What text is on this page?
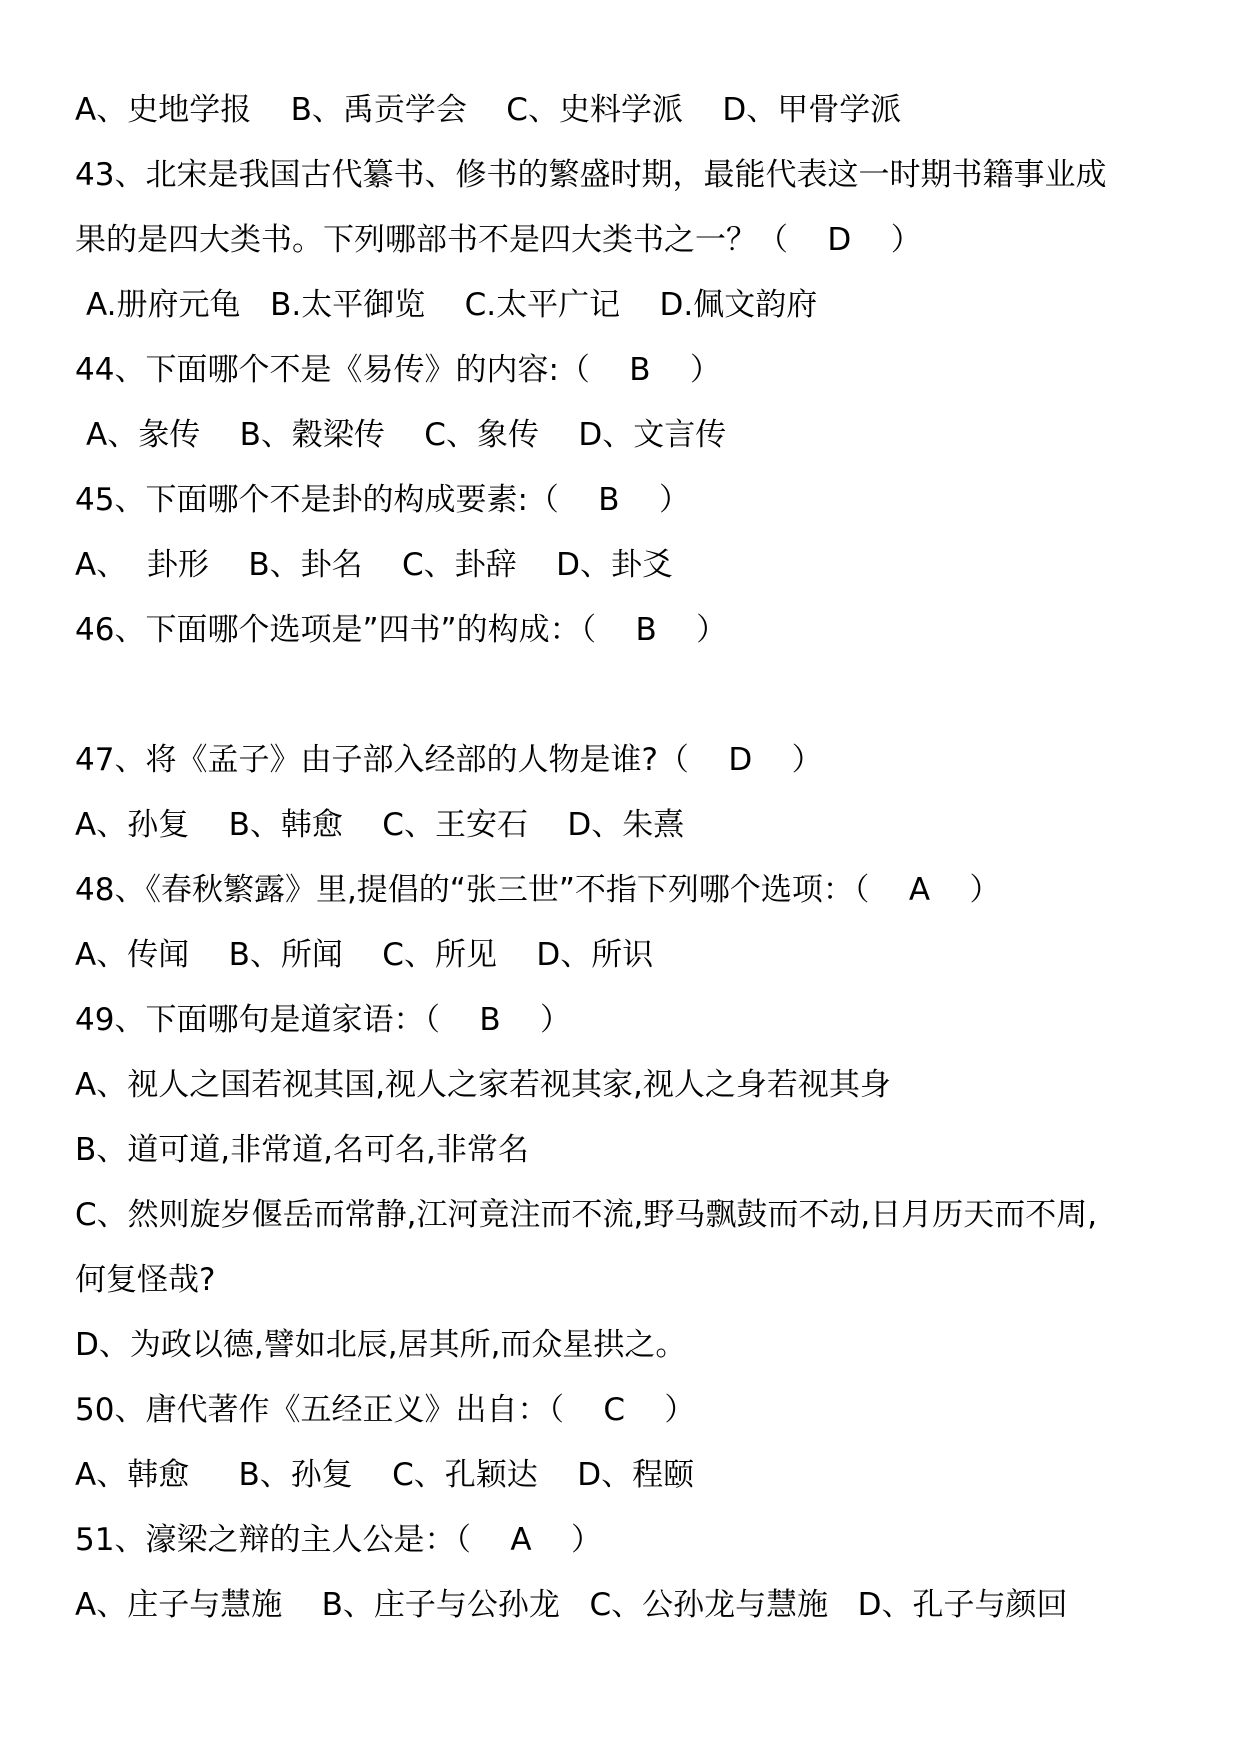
A、史地学报    B、禹贡学会    C、史料学派    D、甲骨学派
43、北宋是我国古代纂书、修书的繁盛时期，最能代表这一时期书籍事业成
果的是四大类书。下列哪部书不是四大类书之一？（    D    ）
A.册府元龟   B.太平御览    C.太平广记    D.佩文韵府
44、下面哪个不是《易传》的内容:（    B    ）
A、彖传    B、穀梁传    C、象传    D、文言传
45、下面哪个不是卦的构成要素:（    B    ）
A、  卦形    B、卦名    C、卦辞    D、卦爻
46、下面哪个选项是”四书”的构成：（    B    ）
47、将《孟子》由子部入经部的人物是谁?（    D    ）
A、孙复    B、韩愈    C、王安石    D、朱熹
48、《春秋繁露》里,提倡的“张三世”不指下列哪个选项：（    A    ）
A、传闻    B、所闻    C、所见    D、所识
49、下面哪句是道家语：（    B    ）
A、视人之国若视其国,视人之家若视其家,视人之身若视其身
B、道可道,非常道,名可名,非常名
C、然则旋岁偃岳而常静,江河竟注而不流,野马飘鼓而不动,日月历天而不周,
何复怪哉?
D、为政以德,譬如北辰,居其所,而众星拱之。
50、唐代著作《五经正义》出自：（    C    ）
A、韩愈     B、孙复    C、孔颖达    D、程颐
51、濠梁之辩的主人公是：（    A    ）
A、庄子与慧施    B、庄子与公孙龙   C、公孙龙与慧施   D、孔子与颜回
